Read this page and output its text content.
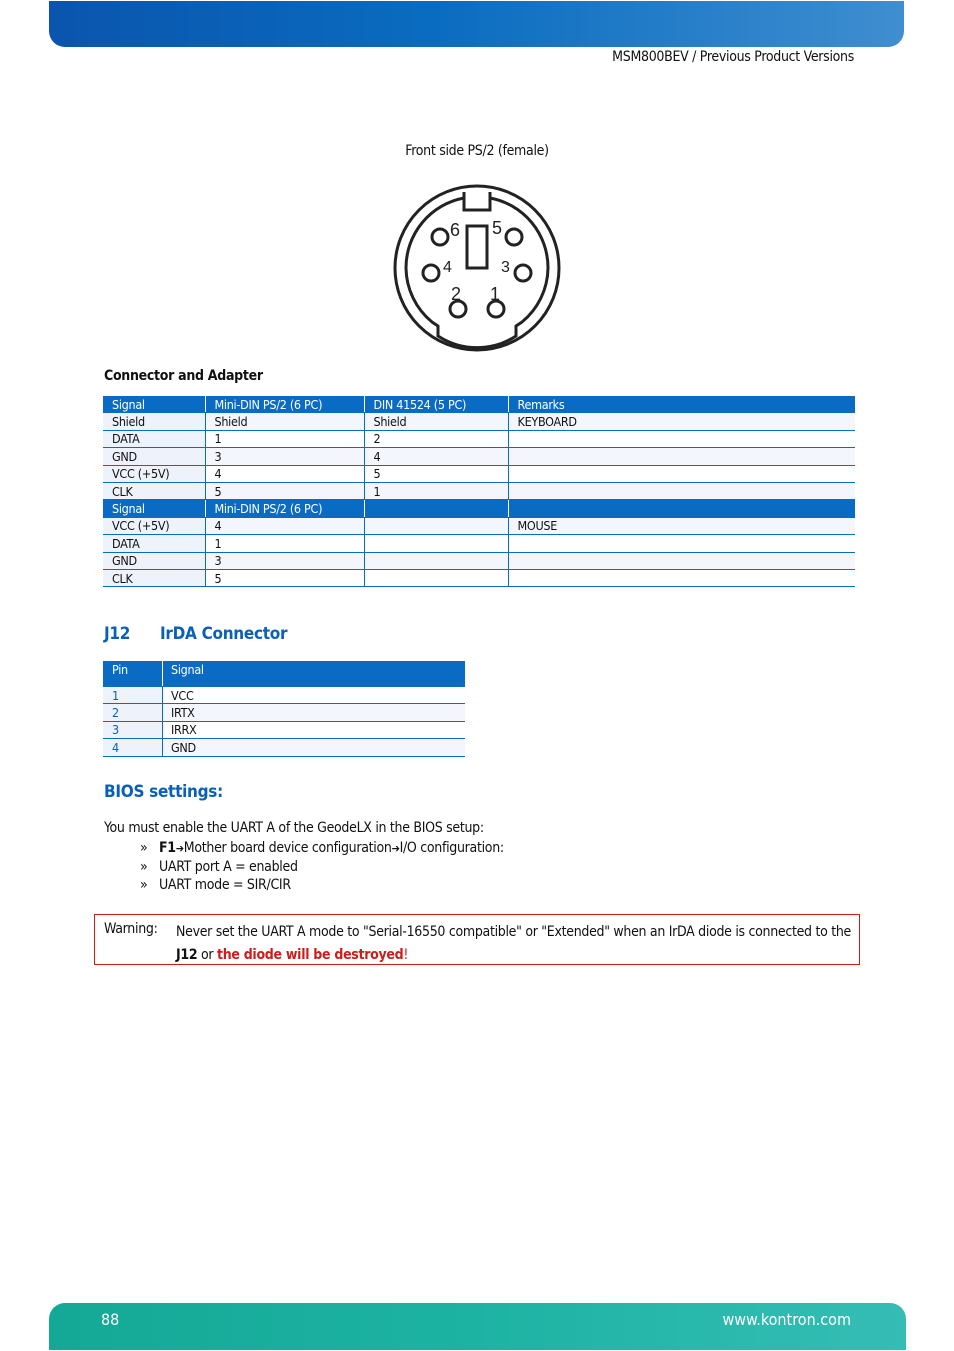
MSM800BEV / Previous Product Versions
Front side PS/2 (female)
6 5
4	3
2 1
Connector and Adapter
Signal	Mini-DIN PS/2 (6 PC)	DIN 41524 (5 PC)	Remarks
Shield	Shield	Shield	KEYBOARD
DATA	1	2	
GND	3	4	
VCC (+5V)	4	5	
CLK	5	1	
Signal	Mini-DIN PS/2 (6 PC)		
VCC (+5V)	4		MOUSE
DATA	1		
GND	3		
CLK	5		
J12 IrDA Connector
Pin	Signal
1	VCC
2	IRTX
3	IRRX
4	GND
BIOS settings:
You must enable the UART A of the GeodeLX in the BIOS setup:
» F1➔Mother board device configuration➔I/O configuration:
» UART port A = enabled
» UART mode = SIR/CIR
Warning: Never set the UART A mode to "Serial-16550 compatible" or "Extended" when an IrDA diode is connected to the J12 or the diode will be destroyed!
88	www.kontron.com
